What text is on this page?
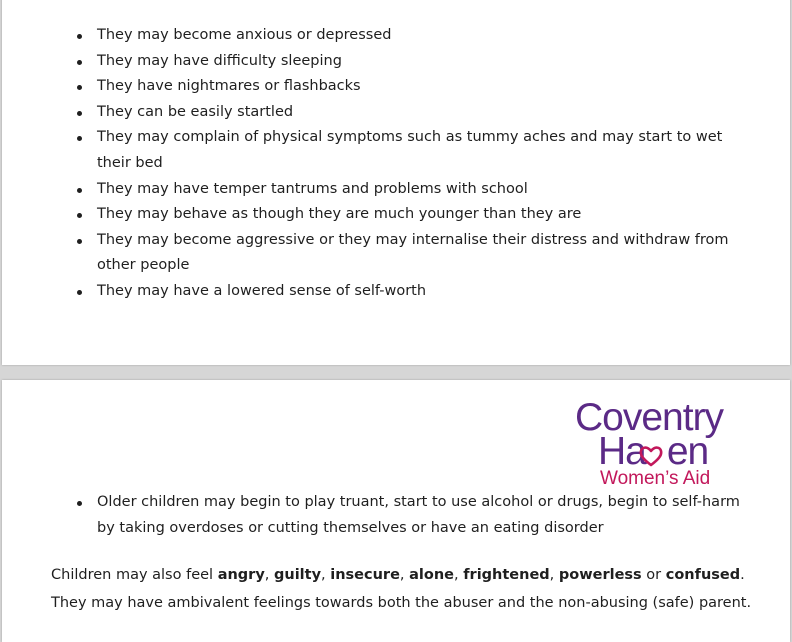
They may become anxious or depressed
They may have difficulty sleeping
They have nightmares or flashbacks
They can be easily startled
They may complain of physical symptoms such as tummy aches and may start to wet their bed
They may have temper tantrums and problems with school
They may behave as though they are much younger than they are
They may become aggressive or they may internalise their distress and withdraw from other people
They may have a lowered sense of self-worth
Coventry
Ha en
Women’s Aid
Older children may begin to play truant, start to use alcohol or drugs, begin to self-harm by taking overdoses or cutting themselves or have an eating disorder

Children may also feel angry, guilty, insecure, alone, frightened, powerless or confused. They may have ambivalent feelings towards both the abuser and the non-abusing (safe) parent.
